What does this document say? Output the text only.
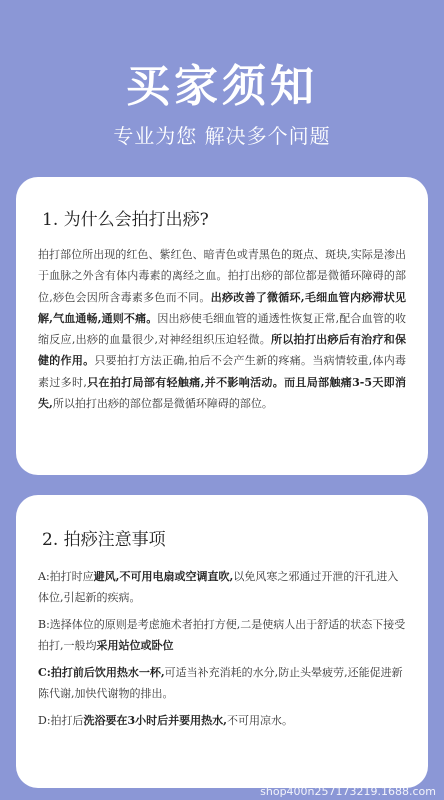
买家须知
专业为您 解决多个问题
1. 为什么会拍打出痧?
拍打部位所出现的红色、紫红色、暗青色或青黑色的斑点、斑块,实际是渗出于血脉之外含有体内毒素的离经之血。拍打出痧的部位都是微循环障碍的部位,痧色会因所含毒素多色而不同。出痧改善了微循环,毛细血管内痧滞状见解,气血通畅,通则不痛。因出痧使毛细血管的通透性恢复正常,配合血管的收缩反应,出痧的血量很少,对神经组织压迫轻微。所以拍打出痧后有治疗和保健的作用。只要拍打方法正确,拍后不会产生新的疼痛。当病情较重,体内毒素过多时,只在拍打局部有轻触痛,并不影响活动。而且局部触痛3-5天即消失,所以拍打出痧的部位都是微循环障碍的部位。
2. 拍痧注意事项
A:拍打时应避风,不可用电扇或空调直吹,以免风寒之邪通过开泄的汗孔进入体位,引起新的疾病。
B:选择体位的原则是考虑施术者拍打方便,二是使病人出于舒适的状态下接受拍打,一般均采用站位或卧位
C:拍打前后饮用热水一杯,可适当补充消耗的水分,防止头晕疲劳,还能促进新陈代谢,加快代谢物的排出。
D:拍打后洗浴要在3小时后并要用热水,不可用凉水。
shop400n257173219.1688.com
